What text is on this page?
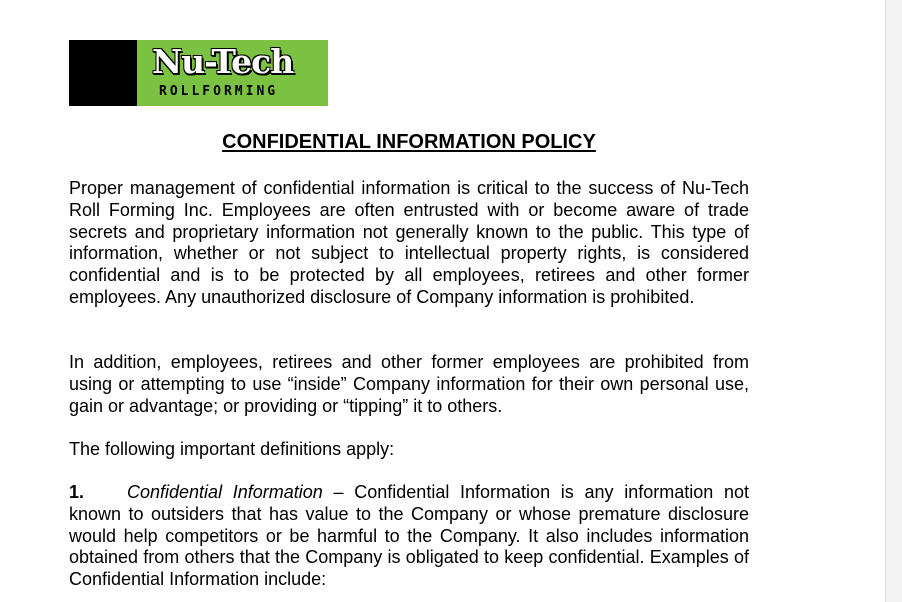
Nu-Tech
ROLLFORMING
CONFIDENTIAL INFORMATION POLICY

Proper management of confidential information is critical to the success of Nu-Tech Roll Forming Inc. Employees are often entrusted with or become aware of trade secrets and proprietary information not generally known to the public. This type of information, whether or not subject to intellectual property rights, is considered confidential and is to be protected by all employees, retirees and other former employees. Any unauthorized disclosure of Company information is prohibited.

In addition, employees, retirees and other former employees are prohibited from using or attempting to use “inside” Company information for their own personal use, gain or advantage; or providing or “tipping” it to others.

The following important definitions apply:

1. Confidential Information – Confidential Information is any information not known to outsiders that has value to the Company or whose premature disclosure would help competitors or be harmful to the Company. It also includes information obtained from others that the Company is obligated to keep confidential. Examples of Confidential Information include:
